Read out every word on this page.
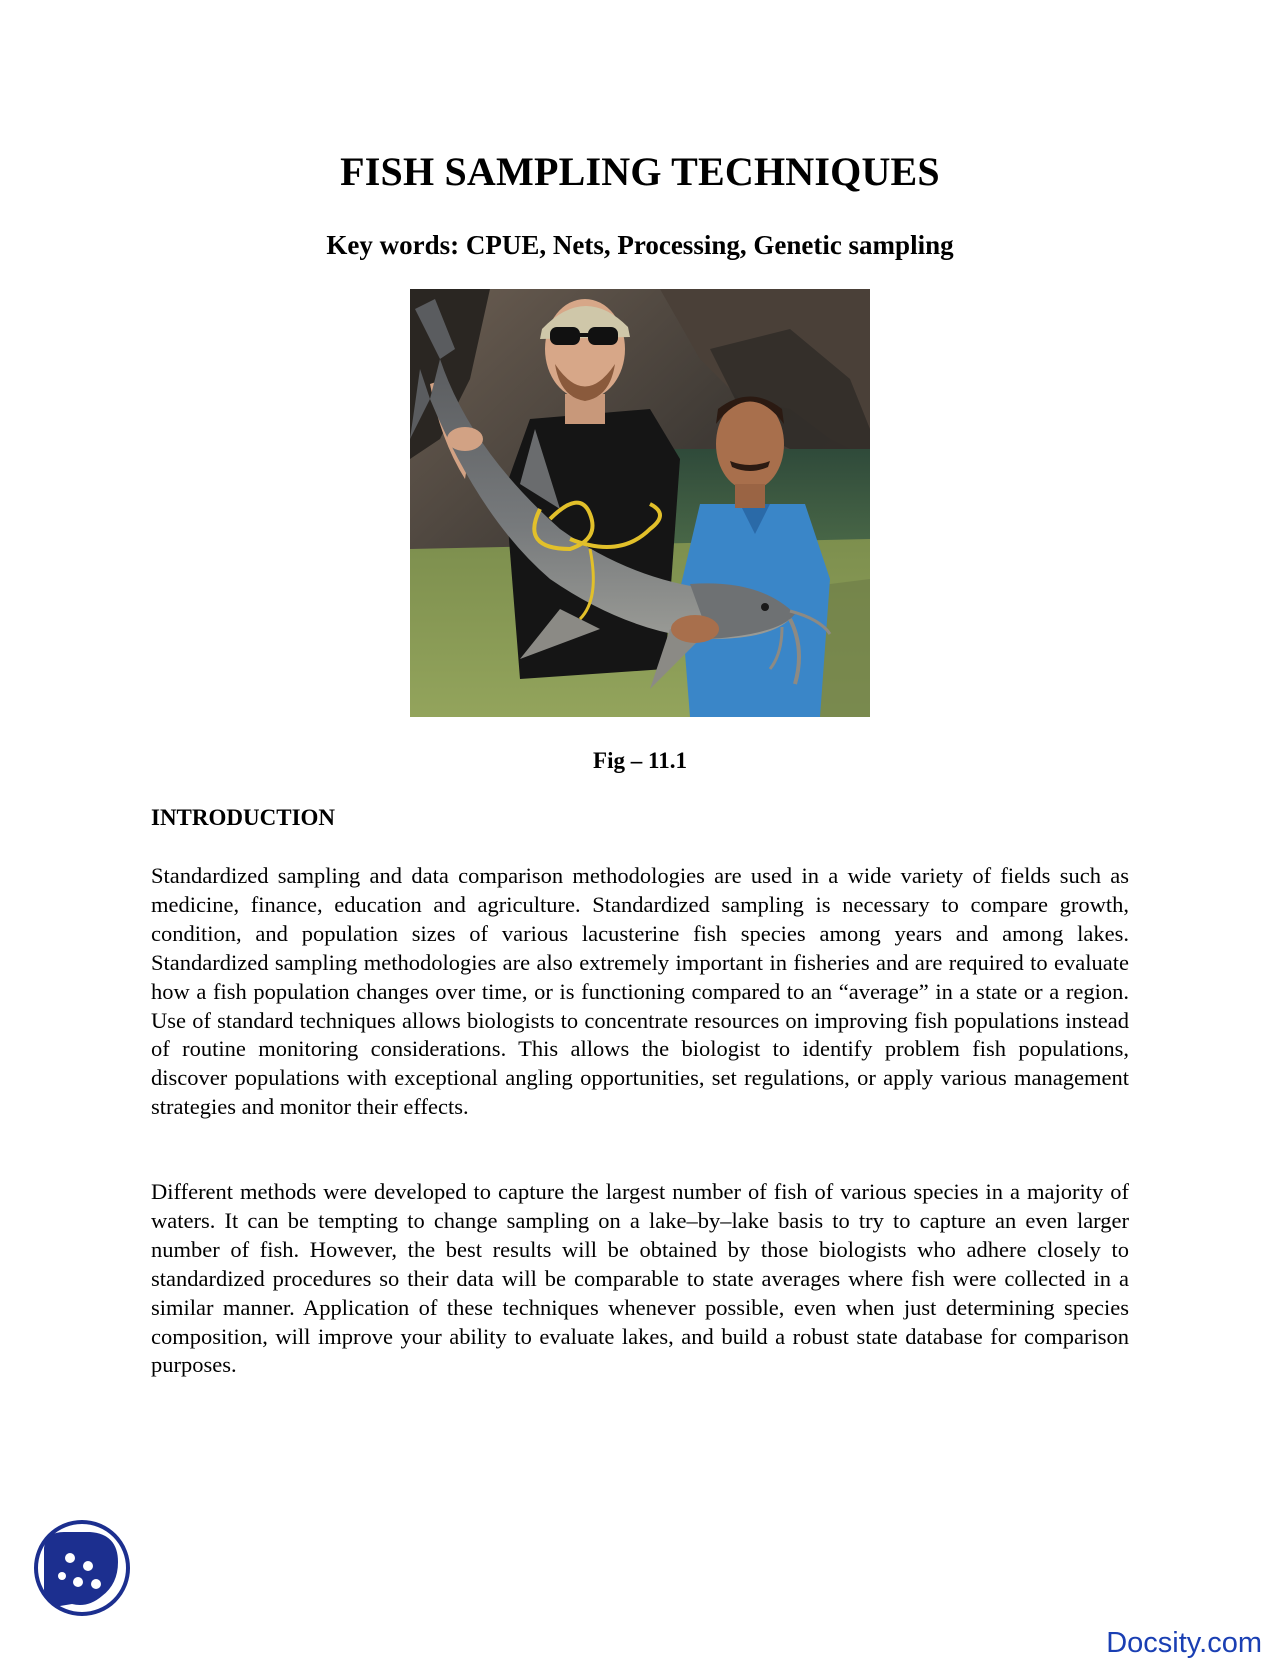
FISH SAMPLING TECHNIQUES
Key words: CPUE, Nets, Processing, Genetic sampling
Fig – 11.1
INTRODUCTION

Standardized sampling and data comparison methodologies are used in a wide variety of fields such as medicine, finance, education and agriculture. Standardized sampling is necessary to compare growth, condition, and population sizes of various lacusterine fish species among years and among lakes. Standardized sampling methodologies are also extremely important in fisheries and are required to evaluate how a fish population changes over time, or is functioning compared to an “average” in a state or a region. Use of standard techniques allows biologists to concentrate resources on improving fish populations instead of routine monitoring considerations. This allows the biologist to identify problem fish populations, discover populations with exceptional angling opportunities, set regulations, or apply various management strategies and monitor their effects.

Different methods were developed to capture the largest number of fish of various species in a majority of waters. It can be tempting to change sampling on a lake–by–lake basis to try to capture an even larger number of fish. However, the best results will be obtained by those biologists who adhere closely to standardized procedures so their data will be comparable to state averages where fish were collected in a similar manner. Application of these techniques whenever possible, even when just determining species composition, will improve your ability to evaluate lakes, and build a robust state database for comparison purposes.

Docsity.com
